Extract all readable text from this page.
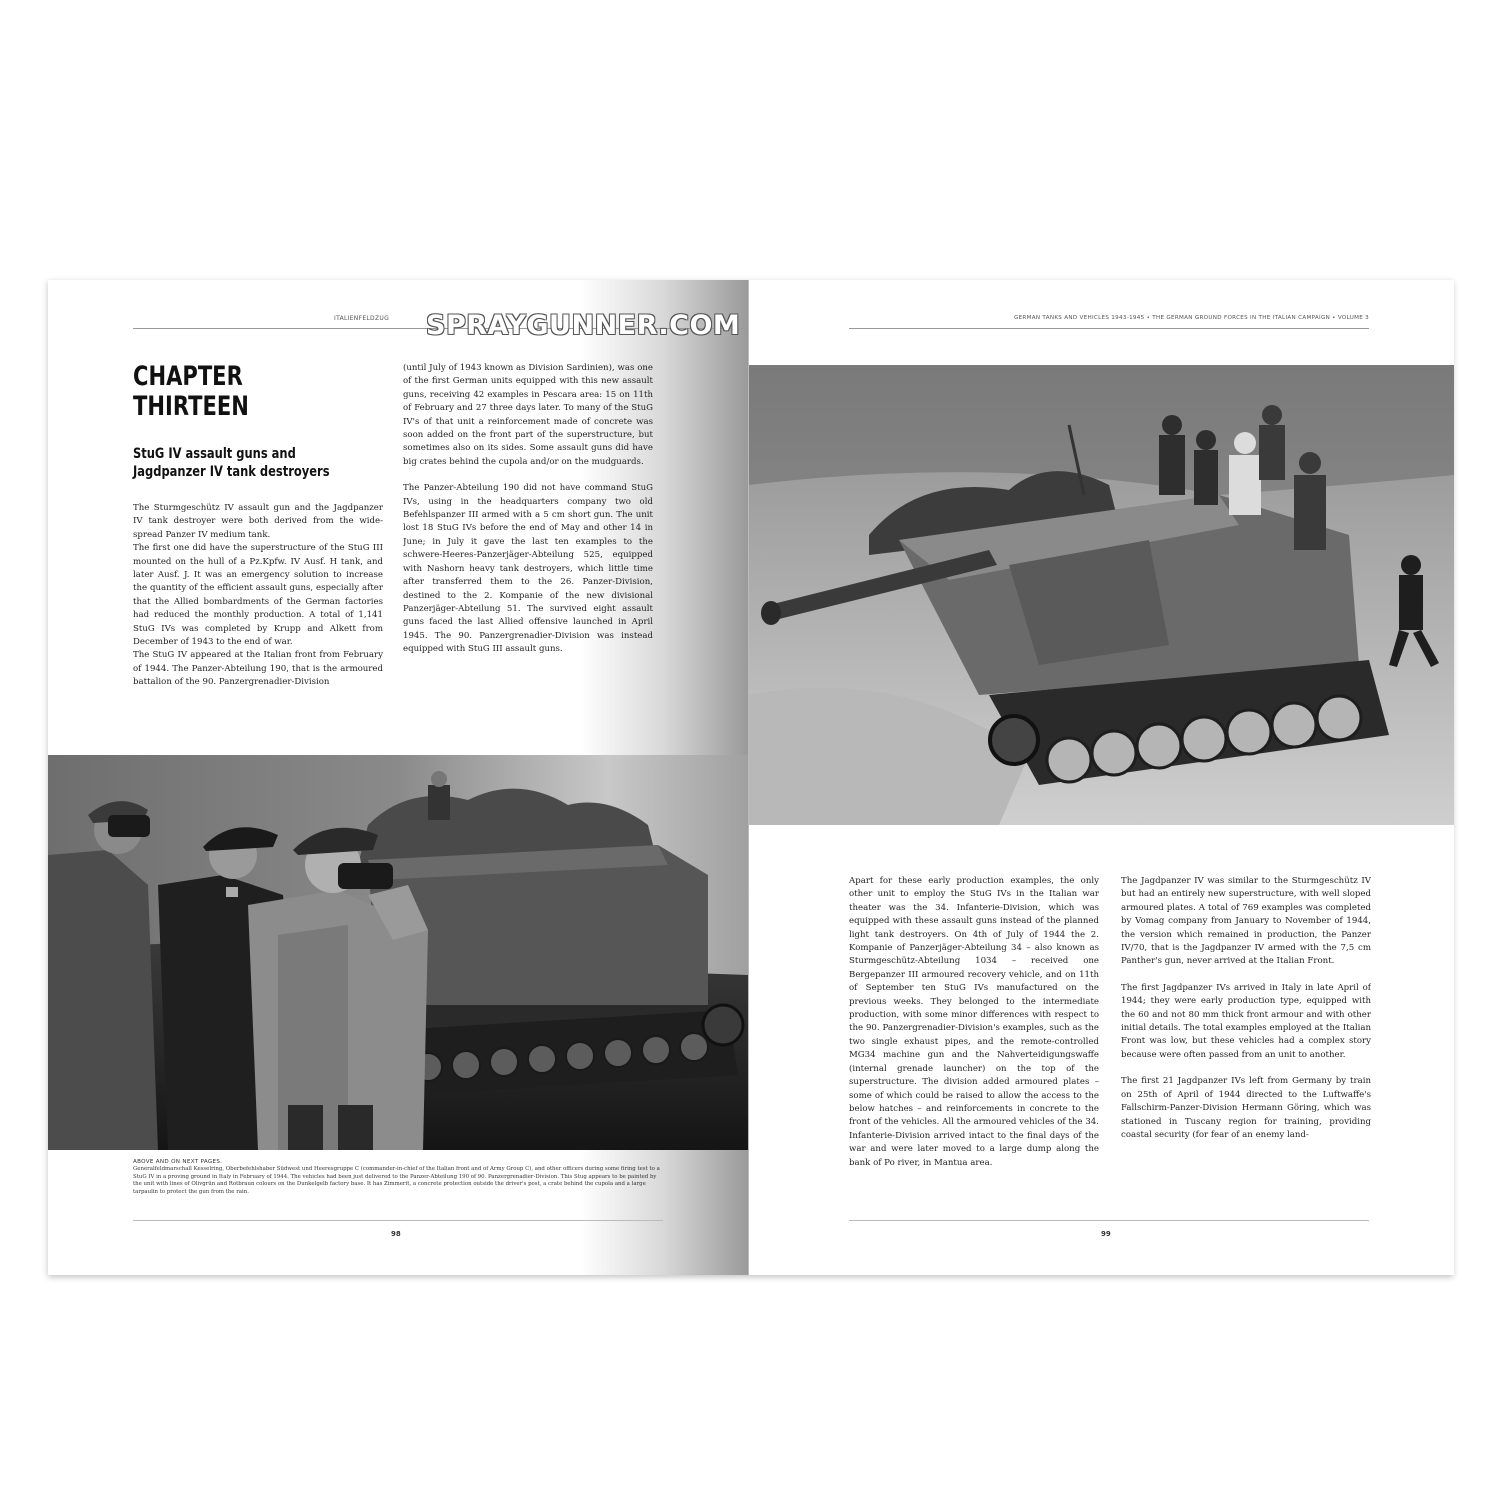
ITALIENFELDZUG SPRAYGUNNER.COM
CHAPTER
THIRTEEN
StuG IV assault guns and
Jagdpanzer IV tank destroyers

The Sturmgeschütz IV assault gun and the Jagdpanzer IV tank destroyer were both derived from the wide-spread Panzer IV medium tank.

The first one did have the superstructure of the StuG III mounted on the hull of a Pz.Kpfw. IV Ausf. H tank, and later Ausf. J. It was an emergency solution to increase the quantity of the efficient assault guns, especially after that the Allied bombardments of the German factories had reduced the monthly production. A total of 1,141 StuG IVs was completed by Krupp and Alkett from December of 1943 to the end of war.

The StuG IV appeared at the Italian front from February of 1944. The Panzer-Abteilung 190, that is the armoured battalion of the 90. Panzergrenadier-Division

(until July of 1943 known as Division Sardinien), was one of the first German units equipped with this new assault guns, receiving 42 examples in Pescara area: 15 on 11th of February and 27 three days later. To many of the StuG IV's of that unit a reinforcement made of concrete was soon added on the front part of the superstructure, but sometimes also on its sides. Some assault guns did have big crates behind the cupola and/or on the mudguards.

The Panzer-Abteilung 190 did not have command StuG IVs, using in the headquarters company two old Befehlspanzer III armed with a 5 cm short gun. The unit lost 18 StuG IVs before the end of May and other 14 in June; in July it gave the last ten examples to the schwere-Heeres-Panzerjäger-Abteilung 525, equipped with Nashorn heavy tank destroyers, which little time after transferred them to the 26. Panzer-Division, destined to the 2. Kompanie of the new divisional Panzerjäger-Abteilung 51. The survived eight assault guns faced the last Allied offensive launched in April 1945. The 90. Panzergrenadier-Division was instead equipped with StuG III assault guns.

ABOVE AND ON NEXT PAGES.
Generalfeldmarschall Kesselring, Oberbefehlshaber Südwest und Heeresgruppe C (commander-in-chief of the Italian front and of Army Group C), and other officers during some firing test to a StuG IV in a proving ground in Italy in February of 1944. The vehicles had been just delivered to the Panzer-Abteilung 190 of 90. Panzergrenadier-Division. This Stug appears to be painted by the unit with lines of Olivgrün and Rotbraun colours on the Dunkelgelb factory base. It has Zimmerit, a concrete protection outside the driver's post, a crate behind the cupola and a large tarpaulin to protect the gun from the rain.
98
GERMAN TANKS AND VEHICLES 1943-1945 • THE GERMAN GROUND FORCES IN THE ITALIAN CAMPAIGN • VOLUME 3

Apart for these early production examples, the only other unit to employ the StuG IVs in the Italian war theater was the 34. Infanterie-Division, which was equipped with these assault guns instead of the planned light tank destroyers. On 4th of July of 1944 the 2. Kompanie of Panzerjäger-Abteilung 34 – also known as Sturmgeschütz-Abteilung 1034 – received one Bergepanzer III armoured recovery vehicle, and on 11th of September ten StuG IVs manufactured on the previous weeks. They belonged to the intermediate production, with some minor differences with respect to the 90. Panzergrenadier-Division's examples, such as the two single exhaust pipes, and the remote-controlled MG34 machine gun and the Nahverteidigungswaffe (internal grenade launcher) on the top of the superstructure. The division added armoured plates – some of which could be raised to allow the access to the below hatches – and reinforcements in concrete to the front of the vehicles. All the armoured vehicles of the 34. Infanterie-Division arrived intact to the final days of the war and were later moved to a large dump along the bank of Po river, in Mantua area.

The Jagdpanzer IV was similar to the Sturmgeschütz IV but had an entirely new superstructure, with well sloped armoured plates. A total of 769 examples was completed by Vomag company from January to November of 1944, the version which remained in production, the Panzer IV/70, that is the Jagdpanzer IV armed with the 7,5 cm Panther's gun, never arrived at the Italian Front.

The first Jagdpanzer IVs arrived in Italy in late April of 1944; they were early production type, equipped with the 60 and not 80 mm thick front armour and with other initial details. The total examples employed at the Italian Front was low, but these vehicles had a complex story because were often passed from an unit to another.

The first 21 Jagdpanzer IVs left from Germany by train on 25th of April of 1944 directed to the Luftwaffe's Fallschirm-Panzer-Division Hermann Göring, which was stationed in Tuscany region for training, providing coastal security (for fear of an enemy land-

99
